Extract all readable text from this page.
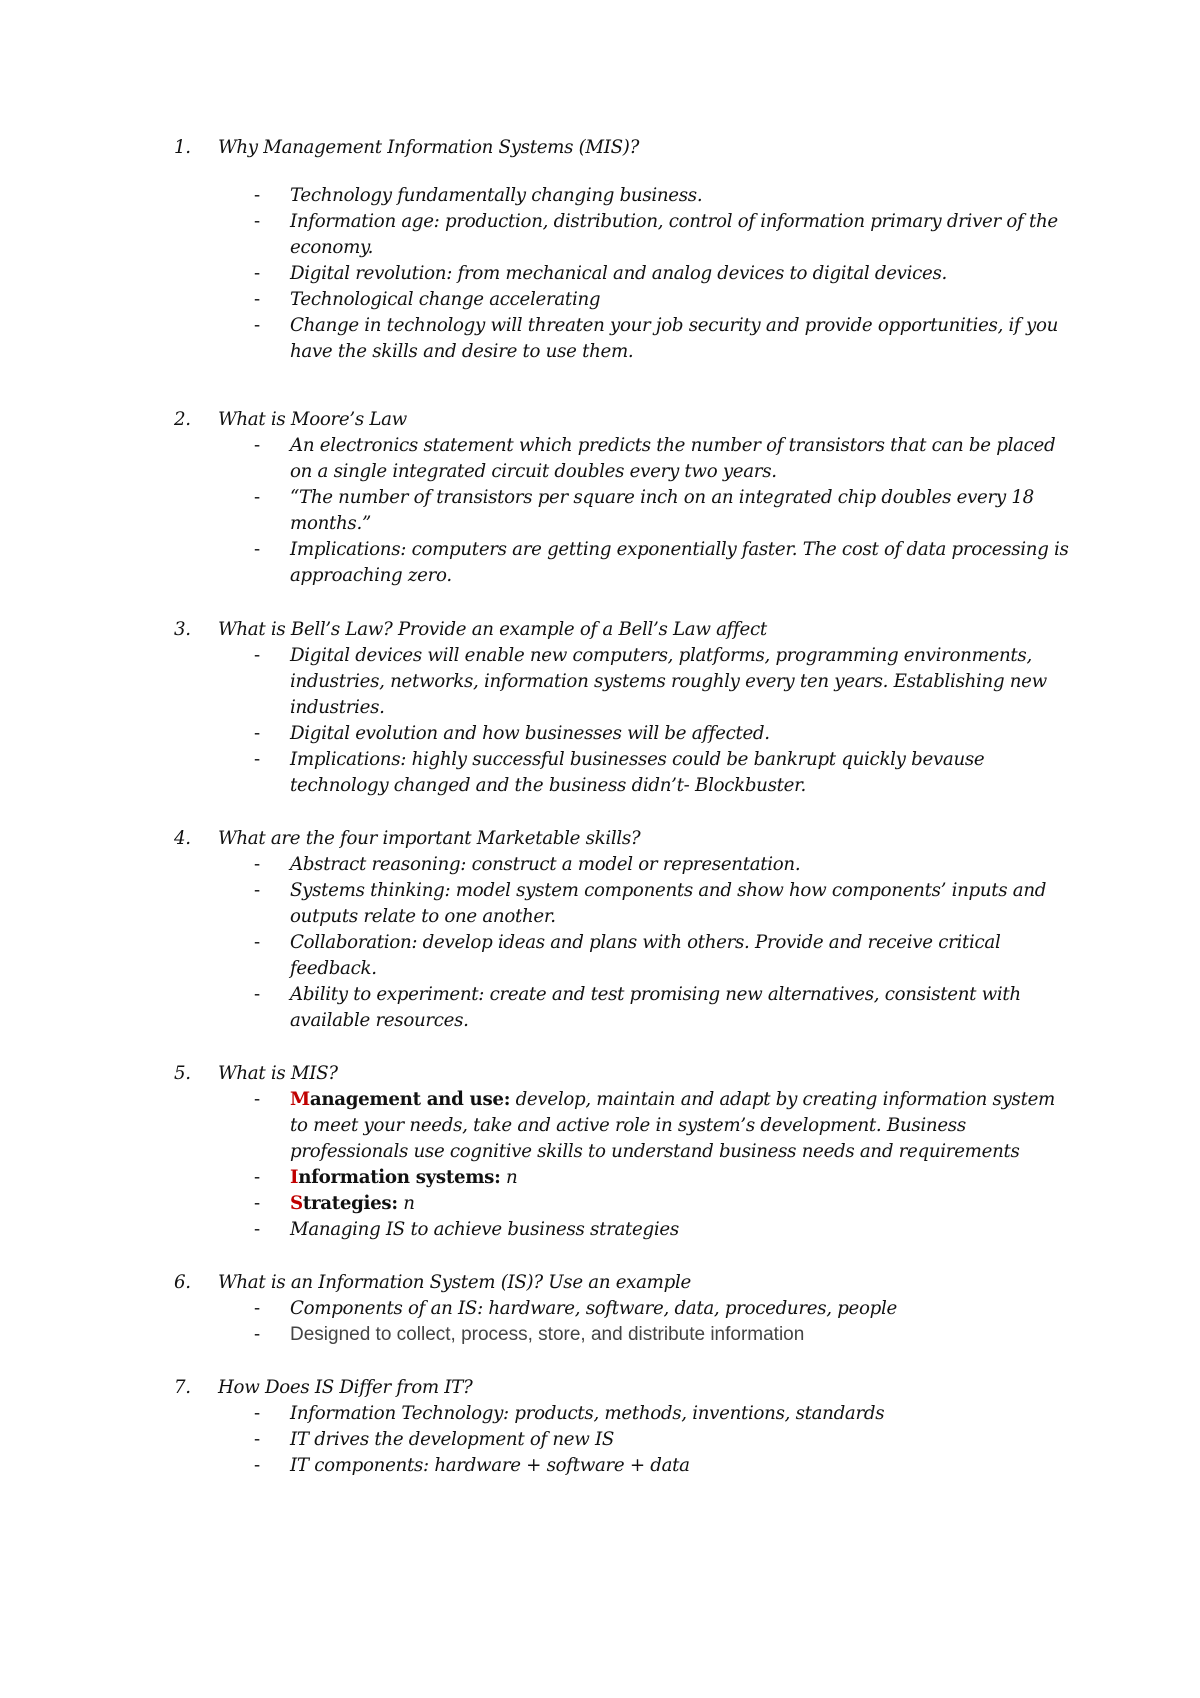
1. Why Management Information Systems (MIS)?
- Technology fundamentally changing business.
- Information age: production, distribution, control of information primary driver of the economy.
- Digital revolution: from mechanical and analog devices to digital devices.
- Technological change accelerating
- Change in technology will threaten your job security and provide opportunities, if you have the skills and desire to use them.
2. What is Moore’s Law
- An electronics statement which predicts the number of transistors that can be placed on a single integrated circuit doubles every two years.
- “The number of transistors per square inch on an integrated chip doubles every 18 months.”
- Implications: computers are getting exponentially faster. The cost of data processing is approaching zero.
3. What is Bell’s Law? Provide an example of a Bell’s Law affect
- Digital devices will enable new computers, platforms, programming environments, industries, networks, information systems roughly every ten years. Establishing new industries.
- Digital evolution and how businesses will be affected.
- Implications: highly successful businesses could be bankrupt quickly bevause technology changed and the business didn’t- Blockbuster.
4. What are the four important Marketable skills?
- Abstract reasoning: construct a model or representation.
- Systems thinking: model system components and show how components’ inputs and outputs relate to one another.
- Collaboration: develop ideas and plans with others. Provide and receive critical feedback.
- Ability to experiment: create and test promising new alternatives, consistent with available resources.
5. What is MIS?
- Management and use: develop, maintain and adapt by creating information system to meet your needs, take and active role in system’s development. Business professionals use cognitive skills to understand business needs and requirements
- Information systems: n
- Strategies: n
- Managing IS to achieve business strategies
6. What is an Information System (IS)? Use an example
- Components of an IS: hardware, software, data, procedures, people
- Designed to collect, process, store, and distribute information
7. How Does IS Differ from IT?
- Information Technology: products, methods, inventions, standards
- IT drives the development of new IS
- IT components: hardware + software + data
